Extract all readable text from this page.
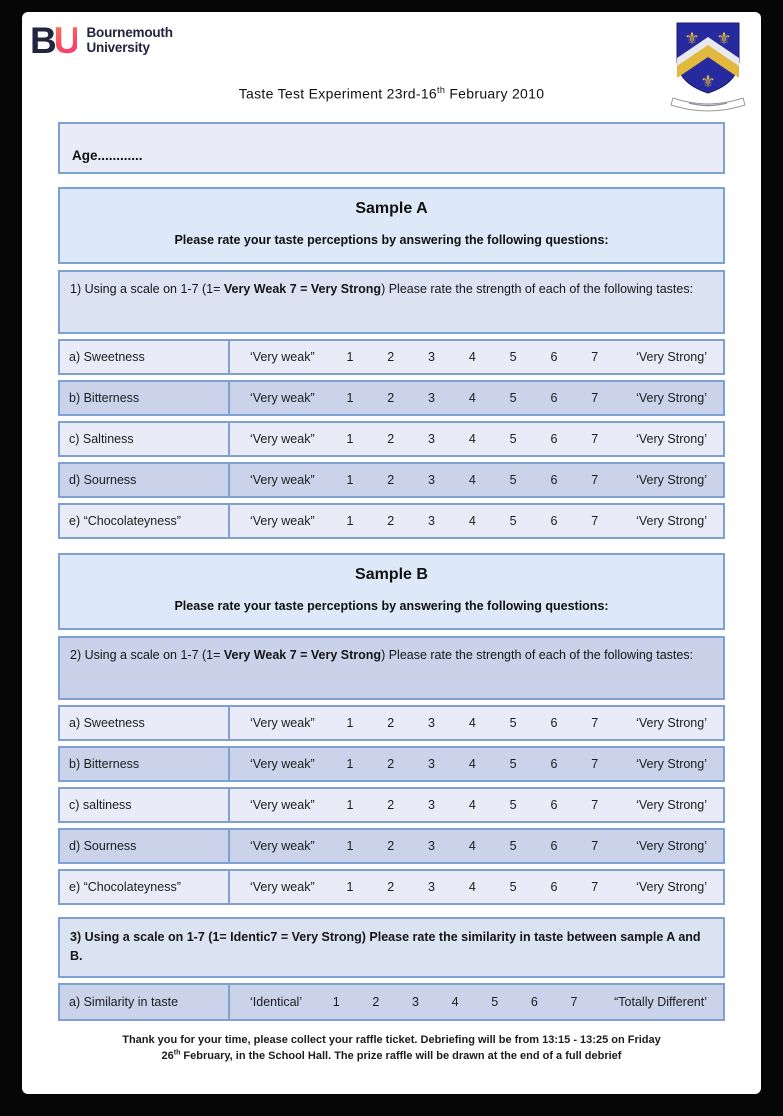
B U Bournemouth
University	⚜ ⚜
⚜
Taste Test Experiment 23rd-16th February 2010
Age............
Sample A
Please rate your taste perceptions by answering the following questions:
1) Using a scale on 1-7 (1= Very Weak 7 = Very Strong) Please rate the strength of each of the following tastes:
a) Sweetness	‘Very weak”	1	2	3	4	5	6	7	‘Very Strong’
b) Bitterness	‘Very weak”	1	2	3	4	5	6	7	‘Very Strong’
c) Saltiness	‘Very weak”	1	2	3	4	5	6	7	‘Very Strong’
d) Sourness	‘Very weak”	1	2	3	4	5	6	7	‘Very Strong’
e) “Chocolateyness”	‘Very weak”	1	2	3	4	5	6	7	‘Very Strong’
Sample B
Please rate your taste perceptions by answering the following questions:
2) Using a scale on 1-7 (1= Very Weak 7 = Very Strong) Please rate the strength of each of the following tastes:
a) Sweetness	‘Very weak”	1	2	3	4	5	6	7	‘Very Strong’
b) Bitterness	‘Very weak”	1	2	3	4	5	6	7	‘Very Strong’
c) saltiness	‘Very weak”	1	2	3	4	5	6	7	‘Very Strong’
d) Sourness	‘Very weak”	1	2	3	4	5	6	7	‘Very Strong’
e) “Chocolateyness”	‘Very weak”	1	2	3	4	5	6	7	‘Very Strong’
3) Using a scale on 1-7 (1= Identic7 = Very Strong) Please rate the similarity in taste between sample A and B.
a) Similarity in taste	‘Identical’ 1	2	3	4	5	6	7	“Totally Different’
Thank you for your time, please collect your raffle ticket. Debriefing will be from 13:15 - 13:25 on Friday
26th February, in the School Hall. The prize raffle will be drawn at the end of a full debrief
